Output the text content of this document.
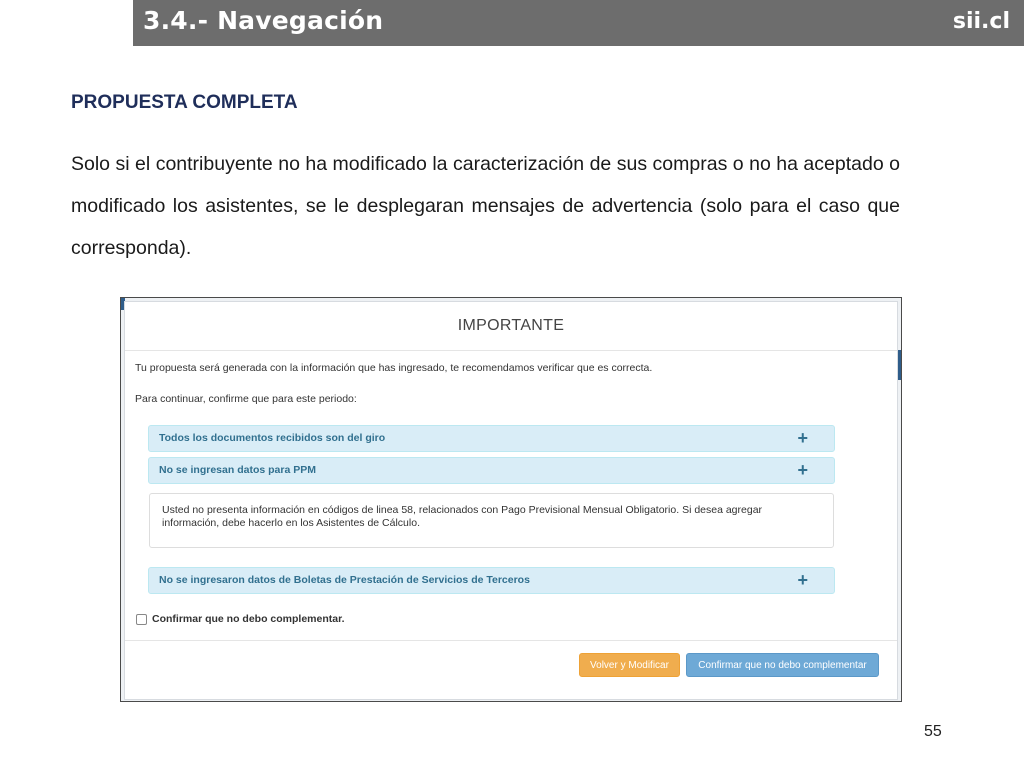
3.4.- Navegación	sii.cl
PROPUESTA COMPLETA

Solo si el contribuyente no ha modificado la caracterización de sus compras o no ha aceptado o modificado los asistentes, se le desplegaran mensajes de advertencia (solo para el caso que corresponda).

IMPORTANTE
Tu propuesta será generada con la información que has ingresado, te recomendamos verificar que es correcta.
Para continuar, confirme que para este periodo:
Todos los documentos recibidos son del giro	+
No se ingresan datos para PPM	+

Usted no presenta información en códigos de linea 58, relacionados con Pago Previsional Mensual Obligatorio. Si desea agregar información, debe hacerlo en los Asistentes de Cálculo.

No se ingresaron datos de Boletas de Prestación de Servicios de Terceros	+
Confirmar que no debo complementar.
Volver y Modificar	Confirmar que no debo complementar
55
